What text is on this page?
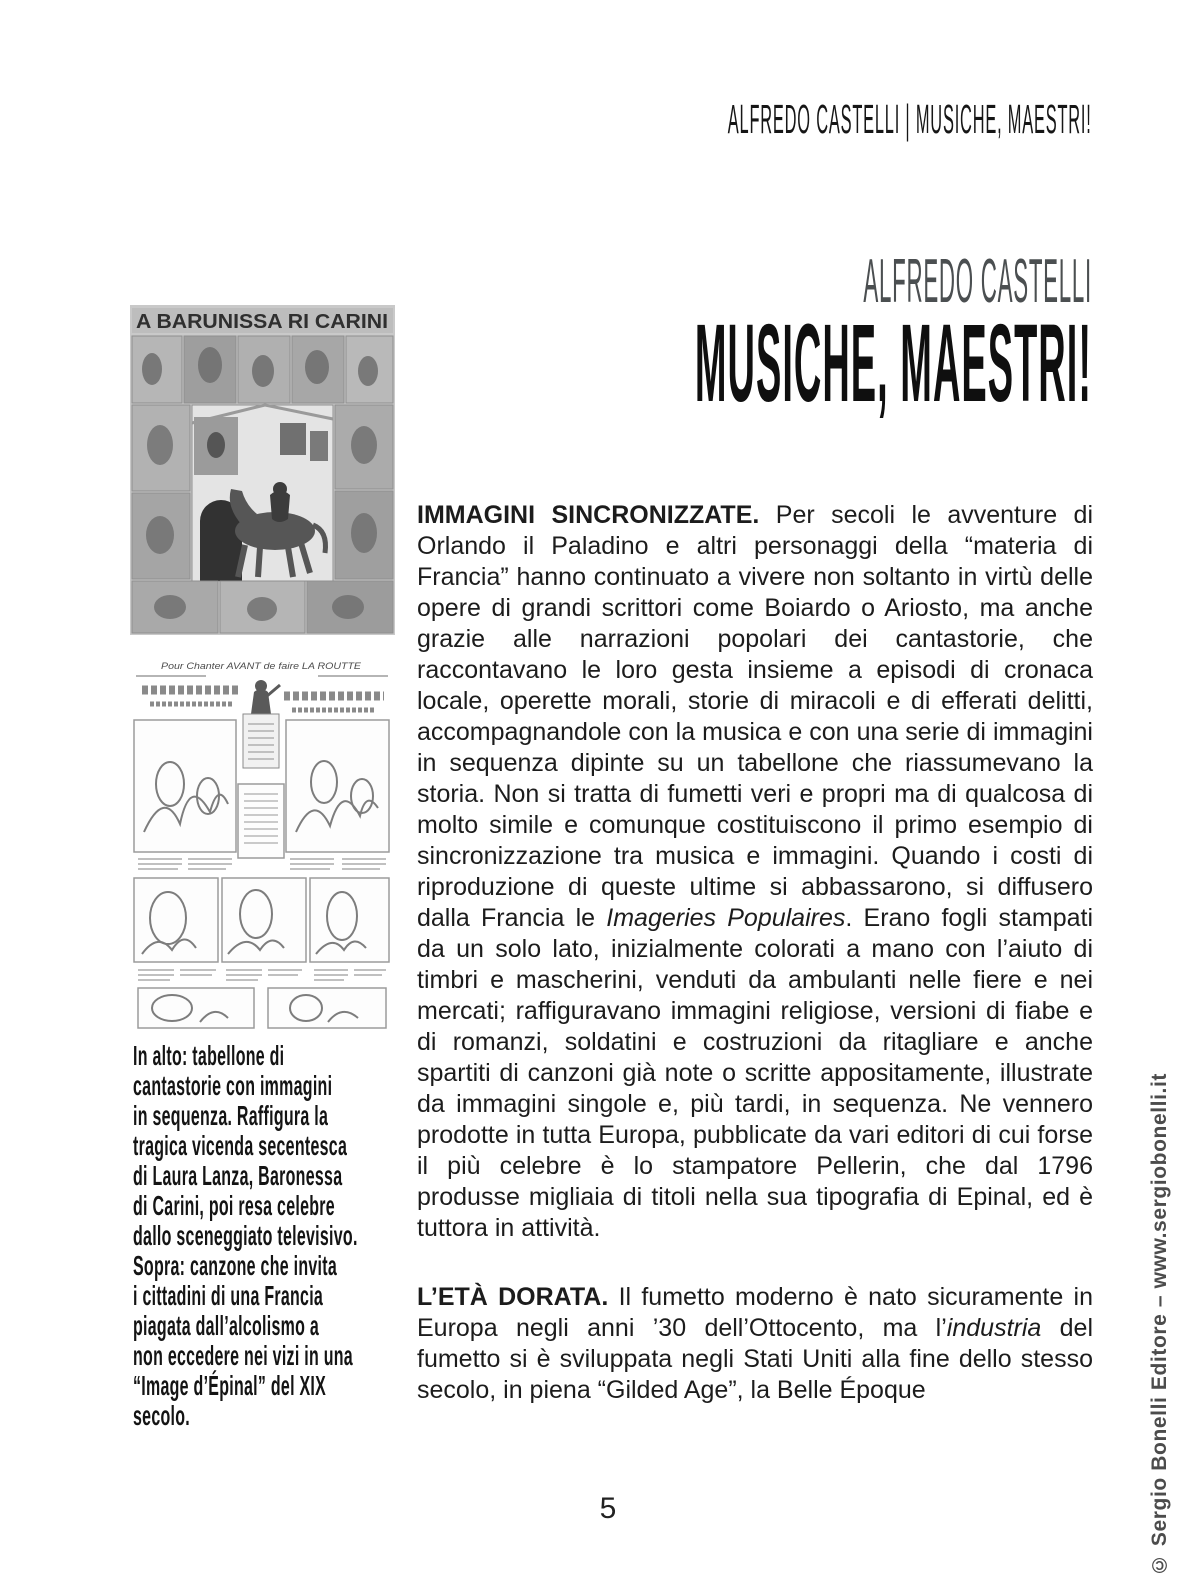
ALFREDO CASTELLI | MUSICHE, MAESTRI!
ALFREDO CASTELLI
MUSICHE, MAESTRI!
A BARUNISSA RI CARINI
Pour Chanter AVANT de faire LA ROUTTE
In alto: tabellone di
cantastorie con immagini
in sequenza. Raffigura la
tragica vicenda secentesca
di Laura Lanza, Baronessa
di Carini, poi resa celebre
dallo sceneggiato televisivo.
Sopra: canzone che invita
i cittadini di una Francia
piagata dall’alcolismo a
non eccedere nei vizi in una
“Image d’Épinal” del XIX
secolo.

IMMAGINI SINCRONIZZATE. Per secoli le avventure di Orlando il Paladino e altri personaggi della “materia di Francia” hanno continuato a vivere non soltanto in virtù delle opere di grandi scrittori come Boiardo o Ariosto, ma anche grazie alle narrazioni popolari dei cantastorie, che raccontavano le loro gesta insieme a episodi di cronaca locale, operette morali, storie di miracoli e di efferati delitti, accompagnandole con la musica e con una serie di immagini in sequenza dipinte su un tabellone che riassumevano la storia. Non si tratta di fumetti veri e propri ma di qualcosa di molto simile e comunque costituiscono il primo esempio di sincronizzazione tra musica e immagini. Quando i costi di riproduzione di queste ultime si abbassarono, si diffusero dalla Francia le Imageries Populaires. Erano fogli stampati da un solo lato, inizialmente colorati a mano con l’aiuto di timbri e mascherini, venduti da ambulanti nelle fiere e nei mercati; raffiguravano immagini religiose, versioni di fiabe e di romanzi, soldatini e costruzioni da ritagliare e anche spartiti di canzoni già note o scritte appositamente, illustrate da immagini singole e, più tardi, in sequenza. Ne vennero prodotte in tutta Europa, pubblicate da vari editori di cui forse il più celebre è lo stampatore Pellerin, che dal 1796 produsse migliaia di titoli nella sua tipografia di Epinal, ed è tuttora in attività.

L’ETÀ DORATA. Il fumetto moderno è nato sicuramente in Europa negli anni ’30 dell’Ottocento, ma l’industria del fumetto si è sviluppata negli Stati Uniti alla fine dello stesso secolo, in piena “Gilded Age”, la Belle Époque

5	© Sergio Bonelli Editore – www.sergiobonelli.it
